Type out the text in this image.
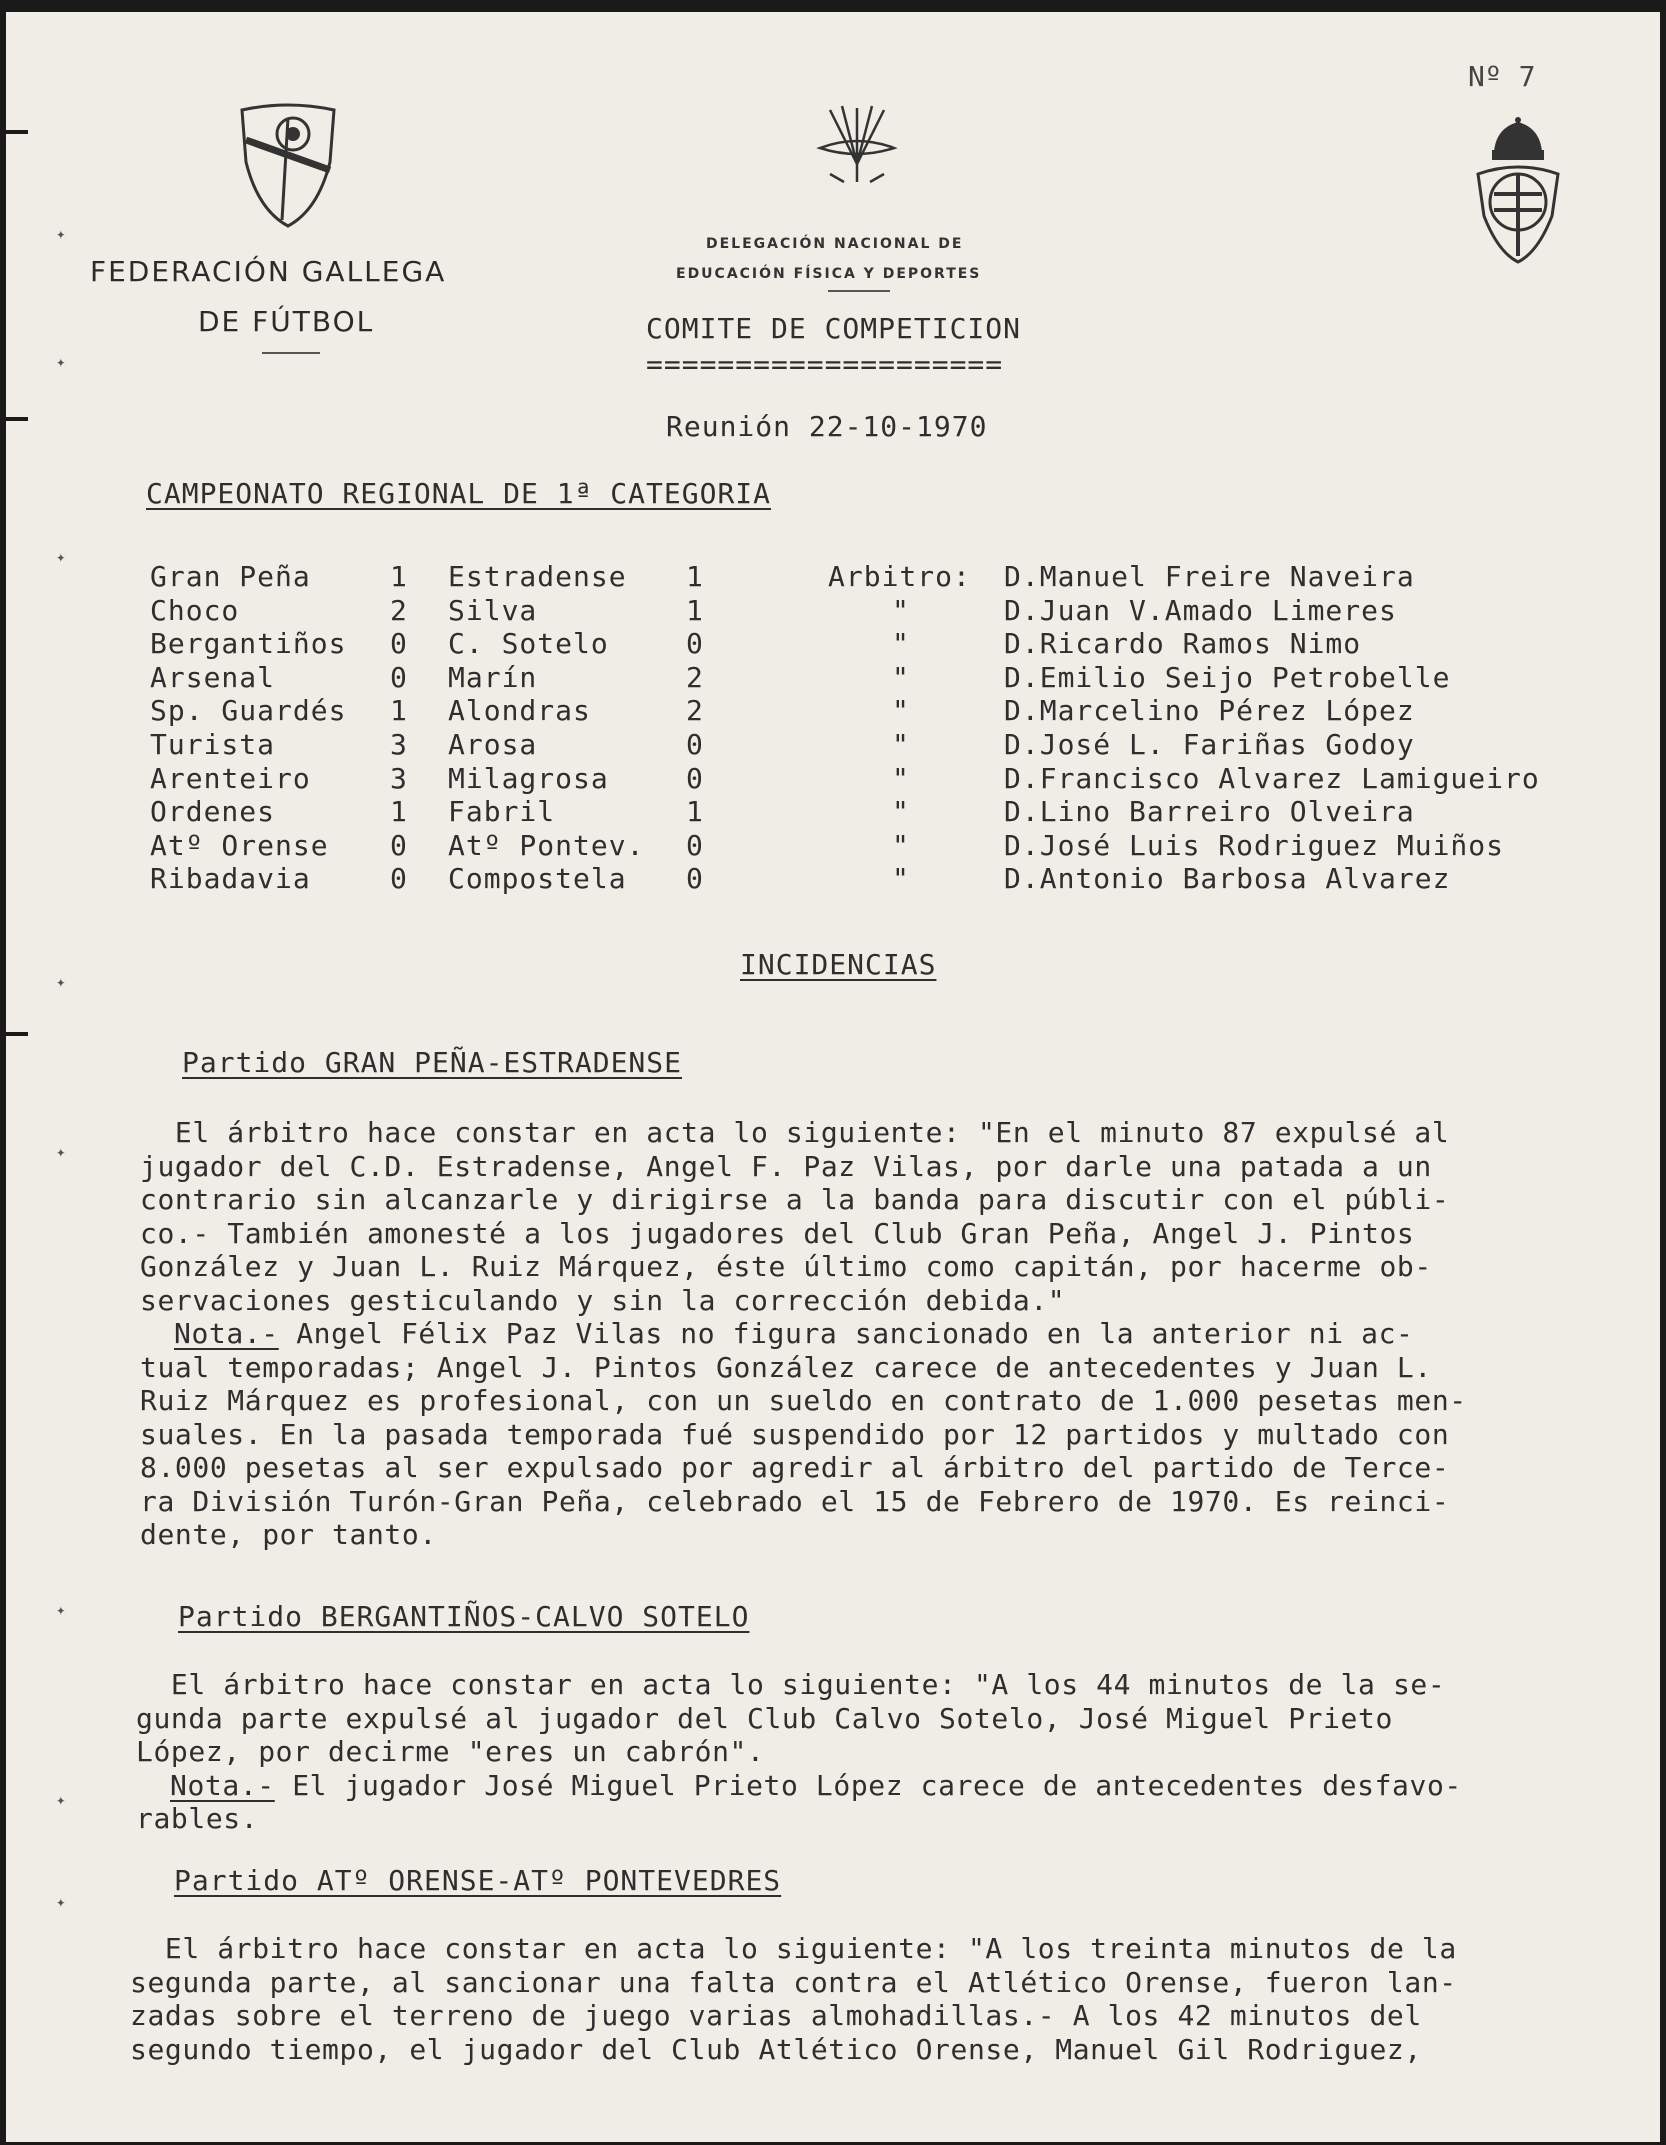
✦
✦
✦
✦
✦
✦
✦
✦
FEDERACIÓN GALLEGA
DE FÚTBOL
DELEGACIÓN NACIONAL DE
EDUCACIÓN FÍSICA Y DEPORTES
Nº 7
COMITE DE COMPETICION
====================
Reunión 22-10-1970
CAMPEONATO REGIONAL DE 1ª CATEGORIA
Gran Peña	1 Estradense 1	Arbitro: D.Manuel Freire Naveira
Choco	2 Silva	1	"	D.Juan V.Amado Limeres
Bergantiños 0 C. Sotelo	0	"	D.Ricardo Ramos Nimo
Arsenal	0 Marín	2	"	D.Emilio Seijo Petrobelle
Sp. Guardés 1 Alondras	2	"	D.Marcelino Pérez López
Turista	3 Arosa	0	"	D.José L. Fariñas Godoy
Arenteiro	3 Milagrosa	0	"	D.Francisco Alvarez Lamigueiro
Ordenes	1 Fabril	1	"	D.Lino Barreiro Olveira
Atº Orense 0 Atº Pontev. 0	"	D.José Luis Rodriguez Muiños
Ribadavia	0 Compostela 0	"	D.Antonio Barbosa Alvarez
INCIDENCIAS
Partido GRAN PEÑA-ESTRADENSE

El árbitro hace constar en acta lo siguiente: "En el minuto 87 expulsé al

jugador del C.D. Estradense, Angel F. Paz Vilas, por darle una patada a un

contrario sin alcanzarle y dirigirse a la banda para discutir con el públi-

co.- También amonesté a los jugadores del Club Gran Peña, Angel J. Pintos

González y Juan L. Ruiz Márquez, éste último como capitán, por hacerme ob-

servaciones gesticulando y sin la corrección debida."

Nota.- Angel Félix Paz Vilas no figura sancionado en la anterior ni ac-

tual temporadas; Angel J. Pintos González carece de antecedentes y Juan L.

Ruiz Márquez es profesional, con un sueldo en contrato de 1.000 pesetas men-

suales. En la pasada temporada fué suspendido por 12 partidos y multado con

8.000 pesetas al ser expulsado por agredir al árbitro del partido de Terce-

ra División Turón-Gran Peña, celebrado el 15 de Febrero de 1970. Es reinci-

dente, por tanto.

Partido BERGANTIÑOS-CALVO SOTELO

El árbitro hace constar en acta lo siguiente: "A los 44 minutos de la se-

gunda parte expulsé al jugador del Club Calvo Sotelo, José Miguel Prieto

López, por decirme "eres un cabrón".

Nota.- El jugador José Miguel Prieto López carece de antecedentes desfavo-

rables.

Partido ATº ORENSE-ATº PONTEVEDRES

El árbitro hace constar en acta lo siguiente: "A los treinta minutos de la

segunda parte, al sancionar una falta contra el Atlético Orense, fueron lan-

zadas sobre el terreno de juego varias almohadillas.- A los 42 minutos del

segundo tiempo, el jugador del Club Atlético Orense, Manuel Gil Rodriguez,
